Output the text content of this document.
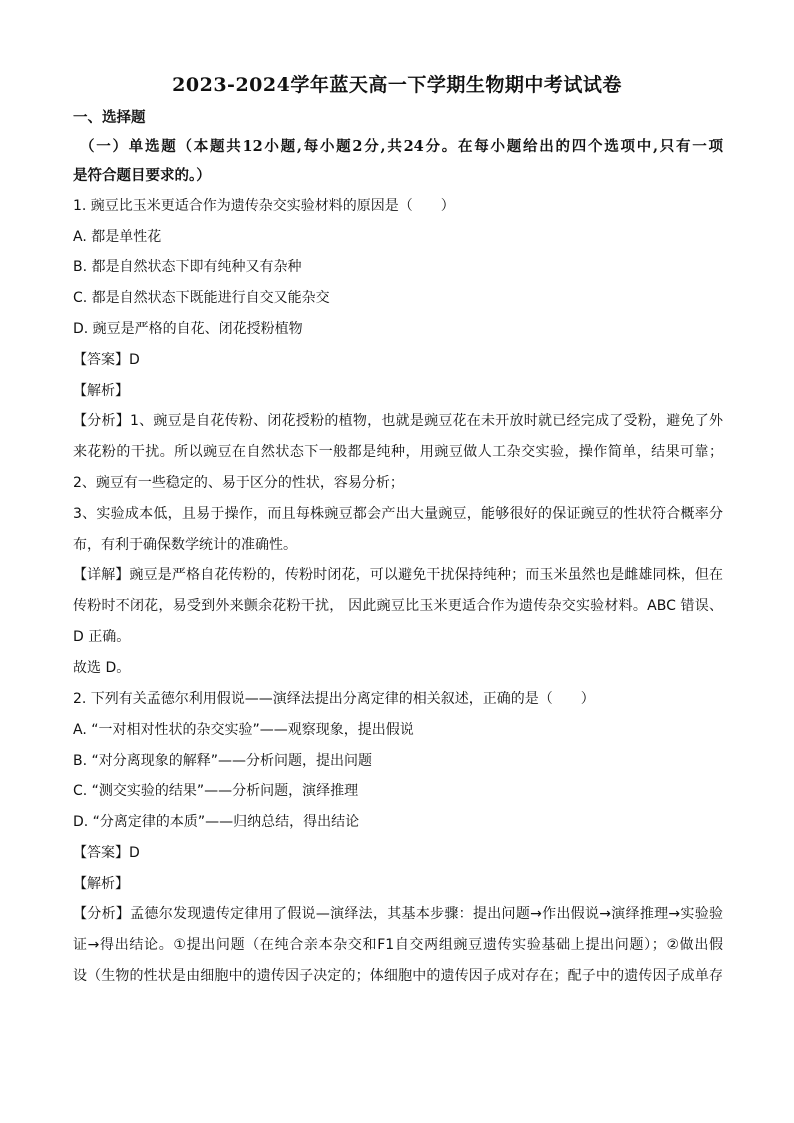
2023-2024学年蓝天高一下学期生物期中考试试卷
一、选择题
（一）单选题（本题共12小题,每小题2分,共24分。在每小题给出的四个选项中,只有一项
是符合题目要求的。）
1. 豌豆比玉米更适合作为遗传杂交实验材料的原因是（　　）
A. 都是单性花
B. 都是自然状态下即有纯种又有杂种
C. 都是自然状态下既能进行自交又能杂交
D. 豌豆是严格的自花、闭花授粉植物
【答案】D
【解析】
【分析】1、豌豆是自花传粉、闭花授粉的植物，也就是豌豆花在未开放时就已经完成了受粉，避免了外
来花粉的干扰。所以豌豆在自然状态下一般都是纯种，用豌豆做人工杂交实验，操作简单，结果可靠；
2、豌豆有一些稳定的、易于区分的性状，容易分析；
3、实验成本低，且易于操作，而且每株豌豆都会产出大量豌豆，能够很好的保证豌豆的性状符合概率分
布，有利于确保数学统计的准确性。
【详解】豌豆是严格自花传粉的，传粉时闭花，可以避免干扰保持纯种；而玉米虽然也是雌雄同株，但在
传粉时不闭花，易受到外来颤余花粉干扰， 因此豌豆比玉米更适合作为遗传杂交实验材料。ABC 错误、
D 正确。
故选 D。
2. 下列有关孟德尔利用假说——演绎法提出分离定律的相关叙述，正确的是（　　）
A. “一对相对性状的杂交实验”——观察现象，提出假说
B. “对分离现象的解释”——分析问题，提出问题
C. “测交实验的结果”——分析问题，演绎推理
D. “分离定律的本质”——归纳总结，得出结论
【答案】D
【解析】
【分析】孟德尔发现遗传定律用了假说—演绎法，其基本步骤：提出问题→作出假说→演绎推理→实验验
证→得出结论。①提出问题（在纯合亲本杂交和F1自交两组豌豆遗传实验基础上提出问题）；②做出假
设（生物的性状是由细胞中的遗传因子决定的；体细胞中的遗传因子成对存在；配子中的遗传因子成单存
